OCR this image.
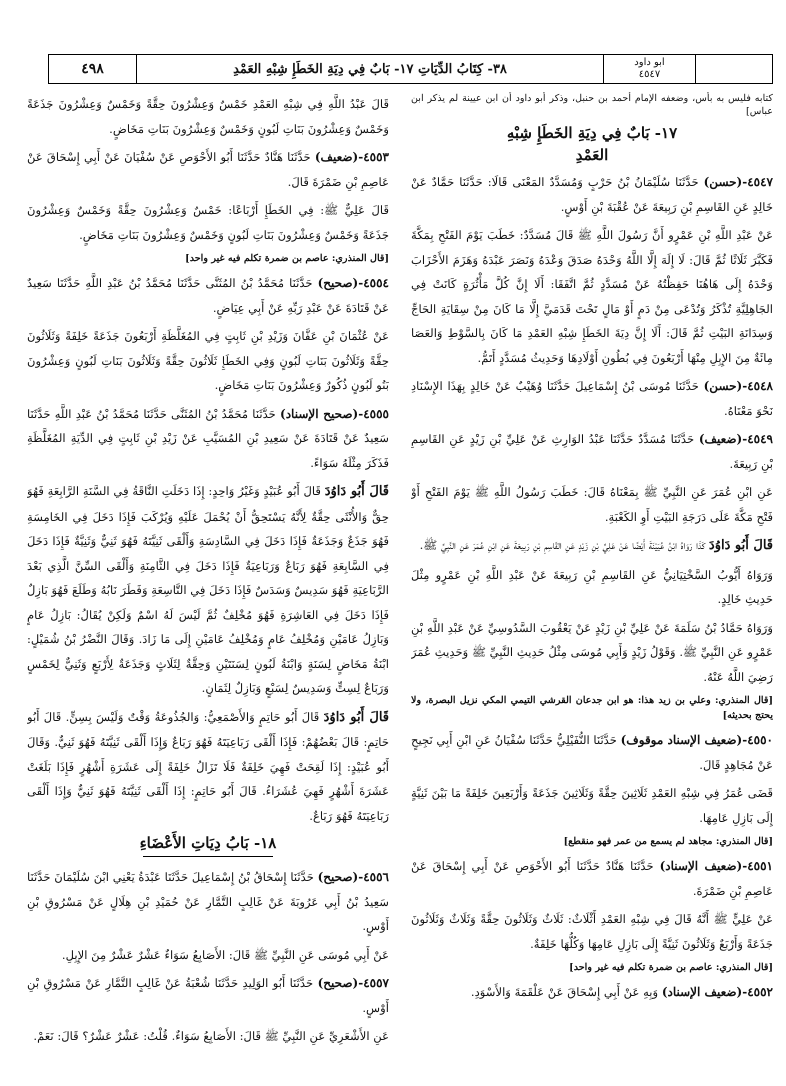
٤٩٨	٣٨- كِتَابُ الدِّيَاتِ ١٧- بَابٌ فِي دِيَةِ الخَطَإِ شِبْهِ العَمْدِ	ابو داود
٤٥٤٧

كتابه فليس به بأس، وضعفه الإمام أحمد بن حنبل، وذكر أبو داود أن ابن عيينة لم يذكر ابن عباس]

١٧- بَابٌ فِي دِيَةِ الخَطَإِ شِبْهِ
العَمْدِ

٤٥٤٧-(حسن) حَدَّثَنَا سُلَيْمَانُ بْنُ حَرْبٍ وَمُسَدَّدٌ المَعْنَى قَالَا: حَدَّثَنَا حَمَّادٌ عَنْ خَالِدٍ عَنِ القَاسِمِ بْنِ رَبِيعَةَ عَنْ عُقْبَةَ بْنِ أَوْسٍ.

عَنْ عَبْدِ اللَّهِ بْنِ عَمْرٍو أَنَّ رَسُولَ اللَّهِ ﷺ قَالَ مُسَدَّدٌ: خَطَبَ يَوْمَ الفَتْحِ بِمَكَّةَ فَكَبَّرَ ثَلَاثًا ثُمَّ قَالَ: لَا إِلَهَ إِلَّا اللَّهُ وَحْدَهُ صَدَقَ وَعْدَهُ وَنَصَرَ عَبْدَهُ وَهَزَمَ الأَحْزَابَ وَحْدَهُ إِلَى هَاهُنَا حَفِظْتُهُ عَنْ مُسَدَّدٍ ثُمَّ اتَّفَقَا: أَلَا إِنَّ كُلَّ مَأْثُرَةٍ كَانَتْ فِي الجَاهِلِيَّةِ تُذْكَرُ وَتُدْعَى مِنْ دَمٍ أَوْ مَالٍ تَحْتَ قَدَمَيَّ إِلَّا مَا كَانَ مِنْ سِقَايَةِ الحَاجِّ وَسِدَانَةِ البَيْتِ ثُمَّ قَالَ: أَلَا إِنَّ دِيَةَ الخَطَإِ شِبْهِ العَمْدِ مَا كَانَ بِالسَّوْطِ وَالعَصَا مِائَةٌ مِنَ الإِبِلِ مِنْهَا أَرْبَعُونَ فِي بُطُونِ أَوْلَادِهَا وَحَدِيثُ مُسَدَّدٍ أَتَمُّ.

٤٥٤٨-(حسن) حَدَّثَنَا مُوسَى بْنُ إِسْمَاعِيلَ حَدَّثَنَا وُهَيْبٌ عَنْ خَالِدٍ بِهَذَا الإِسْنَادِ نَحْوَ مَعْنَاهُ.

٤٥٤٩-(ضعيف) حَدَّثَنَا مُسَدَّدٌ حَدَّثَنَا عَبْدُ الوَارِثِ عَنْ عَلِيِّ بْنِ زَيْدٍ عَنِ القَاسِمِ بْنِ رَبِيعَةَ.

عَنِ ابْنِ عُمَرَ عَنِ النَّبِيِّ ﷺ بِمَعْنَاهُ قَالَ: خَطَبَ رَسُولُ اللَّهِ ﷺ يَوْمَ الفَتْحِ أَوْ فَتْحِ مَكَّةَ عَلَى دَرَجَةِ البَيْتِ أَوِ الكَعْبَةِ.

قَالَ أَبُو دَاوُدَ كَذَا رَوَاهُ ابْنُ عُيَيْنَةَ أَيْضًا عَنْ عَلِيِّ بْنِ زَيْدٍ عَنِ القَاسِمِ بْنِ رَبِيعَةَ عَنِ ابْنِ عُمَرَ عَنِ النَّبِيِّ ﷺ.

وَرَوَاهُ أَيُّوبُ السَّخْتِيَانِيُّ عَنِ القَاسِمِ بْنِ رَبِيعَةَ عَنْ عَبْدِ اللَّهِ بْنِ عَمْرٍو مِثْلَ حَدِيثِ خَالِدٍ.

وَرَوَاهُ حَمَّادُ بْنُ سَلَمَةَ عَنْ عَلِيِّ بْنِ زَيْدٍ عَنْ يَعْقُوبَ السَّدُوسِيِّ عَنْ عَبْدِ اللَّهِ بْنِ عَمْرٍو عَنِ النَّبِيِّ ﷺ. وَقَوْلُ زَيْدٍ وَأَبِي مُوسَى مِثْلُ حَدِيثِ النَّبِيِّ ﷺ وَحَدِيثِ عُمَرَ رَضِيَ اللَّهُ عَنْهُ.

[قال المنذري: وعلي بن زيد هذا: هو ابن جدعان القرشي التيمي المكي نزيل البصرة، ولا يحتج بحديثه]

٤٥٥٠-(ضعيف الإسناد موقوف) حَدَّثَنَا النُّفَيْلِيُّ حَدَّثَنَا سُفْيَانُ عَنِ ابْنِ أَبِي نَجِيحٍ عَنْ مُجَاهِدٍ قَالَ.

قَضَى عُمَرُ فِي شِبْهِ العَمْدِ ثَلَاثِينَ حِقَّةً وَثَلَاثِينَ جَذَعَةً وَأَرْبَعِينَ خَلِفَةً مَا بَيْنَ ثَنِيَّةٍ إِلَى بَازِلِ عَامِهَا.

[قال المنذري: مجاهد لم يسمع من عمر فهو منقطع]

٤٥٥١-(ضعيف الإسناد) حَدَّثَنَا هَنَّادٌ حَدَّثَنَا أَبُو الأَحْوَصِ عَنْ أَبِي إِسْحَاقَ عَنْ عَاصِمِ بْنِ ضَمْرَةَ.

عَنْ عَلِيٍّ ﷺ أَنَّهُ قَالَ فِي شِبْهِ العَمْدِ أَثْلَاثٌ: ثَلَاثٌ وَثَلَاثُونَ حِقَّةً وَثَلَاثٌ وَثَلَاثُونَ جَذَعَةً وَأَرْبَعٌ وَثَلَاثُونَ ثَنِيَّةً إِلَى بَازِلِ عَامِهَا وَكُلُّهَا خَلِفَةٌ.

[قال المنذري: عاصم بن ضمرة تكلم فيه غير واحد]

٤٥٥٢-(ضعيف الإسناد) وَبِهِ عَنْ أَبِي إِسْحَاقَ عَنْ عَلْقَمَةَ وَالأَسْوَدِ.

قَالَ عَبْدُ اللَّهِ فِي شِبْهِ العَمْدِ خَمْسٌ وَعِشْرُونَ حِقَّةً وَخَمْسٌ وَعِشْرُونَ جَذَعَةً وَخَمْسٌ وَعِشْرُونَ بَنَاتِ لَبُونٍ وَخَمْسٌ وَعِشْرُونَ بَنَاتِ مَخَاضٍ.

٤٥٥٣-(ضعيف) حَدَّثَنَا هَنَّادٌ حَدَّثَنَا أَبُو الأَحْوَصِ عَنْ سُفْيَانَ عَنْ أَبِي إِسْحَاقَ عَنْ عَاصِمِ بْنِ ضَمْرَةَ قَالَ.

قَالَ عَلِيٌّ ﷺ: فِي الخَطَإِ أَرْبَاعًا: خَمْسٌ وَعِشْرُونَ حِقَّةً وَخَمْسٌ وَعِشْرُونَ جَذَعَةً وَخَمْسٌ وَعِشْرُونَ بَنَاتِ لَبُونٍ وَخَمْسٌ وَعِشْرُونَ بَنَاتِ مَخَاضٍ.

[قال المنذري: عاصم بن ضمرة تكلم فيه غير واحد]

٤٥٥٤-(صحيح) حَدَّثَنَا مُحَمَّدُ بْنُ المُثَنَّى حَدَّثَنَا مُحَمَّدُ بْنُ عَبْدِ اللَّهِ حَدَّثَنَا سَعِيدٌ عَنْ قَتَادَةَ عَنْ عَبْدِ رَبِّهِ عَنْ أَبِي عِيَاضٍ.

عَنْ عُثْمَانَ بْنِ عَفَّانَ وَزَيْدِ بْنِ ثَابِتٍ فِي المُغَلَّظَةِ أَرْبَعُونَ جَذَعَةً خَلِفَةً وَثَلَاثُونَ حِقَّةً وَثَلَاثُونَ بَنَاتِ لَبُونٍ وَفِي الخَطَإِ ثَلَاثُونَ حِقَّةً وَثَلَاثُونَ بَنَاتِ لَبُونٍ وَعِشْرُونَ بَنُو لَبُونٍ ذُكُورٌ وَعِشْرُونَ بَنَاتِ مَخَاضٍ.

٤٥٥٥-(صحيح الإسناد) حَدَّثَنَا مُحَمَّدُ بْنُ المُثَنَّى حَدَّثَنَا مُحَمَّدُ بْنُ عَبْدِ اللَّهِ حَدَّثَنَا سَعِيدٌ عَنْ قَتَادَةَ عَنْ سَعِيدِ بْنِ المُسَيَّبِ عَنْ زَيْدِ بْنِ ثَابِتٍ فِي الدِّيَةِ المُغَلَّظَةِ فَذَكَرَ مِثْلَهُ سَوَاءً.

قَالَ أَبُو دَاوُدَ قَالَ أَبُو عُبَيْدٍ وَغَيْرُ وَاحِدٍ: إِذَا دَخَلَتِ النَّاقَةُ فِي السَّنَةِ الرَّابِعَةِ فَهُوَ حِقٌّ وَالأُنْثَى حِقَّةٌ لِأَنَّهُ يَسْتَحِقُّ أَنْ يُحْمَلَ عَلَيْهِ وَيُرْكَبَ فَإِذَا دَخَلَ فِي الخَامِسَةِ فَهُوَ جَذَعٌ وَجَذَعَةٌ فَإِذَا دَخَلَ فِي السَّادِسَةِ وَأَلْقَى ثَنِيَّتَهُ فَهُوَ ثَنِيٌّ وَثَنِيَّةٌ فَإِذَا دَخَلَ فِي السَّابِعَةِ فَهُوَ رَبَاعٌ وَرَبَاعِيَةٌ فَإِذَا دَخَلَ فِي الثَّامِنَةِ وَأَلْقَى السِّنَّ الَّذِي بَعْدَ الرَّبَاعِيَةِ فَهُوَ سَدِيسٌ وَسَدَسٌ فَإِذَا دَخَلَ فِي التَّاسِعَةِ وَفَطَرَ نَابُهُ وَطَلَعَ فَهُوَ بَازِلٌ فَإِذَا دَخَلَ فِي العَاشِرَةِ فَهُوَ مُخْلِفٌ ثُمَّ لَيْسَ لَهُ اسْمٌ وَلَكِنْ يُقَالُ: بَازِلُ عَامٍ وَبَازِلُ عَامَيْنِ وَمُخْلِفُ عَامٍ وَمُخْلِفُ عَامَيْنِ إِلَى مَا زَادَ. وَقَالَ النَّضْرُ بْنُ شُمَيْلٍ: ابْنَةُ مَخَاضٍ لِسَنَةٍ وَابْنَةُ لَبُونٍ لِسَنَتَيْنِ وَحِقَّةٌ لِثَلَاثٍ وَجَذَعَةٌ لِأَرْبَعٍ وَثَنِيٌّ لِخَمْسٍ وَرَبَاعٌ لِسِتٍّ وَسَدِيسٌ لِسَبْعٍ وَبَازِلٌ لِثَمَانٍ.

قَالَ أَبُو دَاوُدَ قَالَ أَبُو حَاتِمٍ وَالأَصْمَعِيُّ: وَالجُذُوعَةُ وَقْتٌ وَلَيْسَ بِسِنٍّ. قَالَ أَبُو حَاتِمٍ: قَالَ بَعْضُهُمْ: فَإِذَا أَلْقَى رَبَاعِيَتَهُ فَهُوَ رَبَاعٌ وَإِذَا أَلْقَى ثَنِيَّتَهُ فَهُوَ ثَنِيٌّ. وَقَالَ أَبُو عُبَيْدٍ: إِذَا لَقِحَتْ فَهِيَ خَلِفَةٌ فَلَا تَزَالُ خَلِفَةً إِلَى عَشَرَةِ أَشْهُرٍ فَإِذَا بَلَغَتْ عَشَرَةَ أَشْهُرٍ فَهِيَ عُشَرَاءُ. قَالَ أَبُو حَاتِمٍ: إِذَا أَلْقَى ثَنِيَّتَهُ فَهُوَ ثَنِيٌّ وَإِذَا أَلْقَى رَبَاعِيَتَهُ فَهُوَ رَبَاعٌ.

١٨- بَابُ دِيَاتِ الأَعْضَاءِ

٤٥٥٦-(صحيح) حَدَّثَنَا إِسْحَاقُ بْنُ إِسْمَاعِيلَ حَدَّثَنَا عَبْدَةُ يَعْنِي ابْنَ سُلَيْمَانَ حَدَّثَنَا سَعِيدُ بْنُ أَبِي عَرُوبَةَ عَنْ غَالِبٍ التَّمَّارِ عَنْ حُمَيْدِ بْنِ هِلَالٍ عَنْ مَسْرُوقِ بْنِ أَوْسٍ.

عَنْ أَبِي مُوسَى عَنِ النَّبِيِّ ﷺ قَالَ: الأَصَابِعُ سَوَاءٌ عَشْرٌ عَشْرٌ مِنَ الإِبِلِ.

٤٥٥٧-(صحيح) حَدَّثَنَا أَبُو الوَلِيدِ حَدَّثَنَا شُعْبَةُ عَنْ غَالِبٍ التَّمَّارِ عَنْ مَسْرُوقِ بْنِ أَوْسٍ.

عَنِ الأَشْعَرِيِّ عَنِ النَّبِيِّ ﷺ قَالَ: الأَصَابِعُ سَوَاءٌ. قُلْتُ: عَشْرٌ عَشْرٌ؟ قَالَ: نَعَمْ.
